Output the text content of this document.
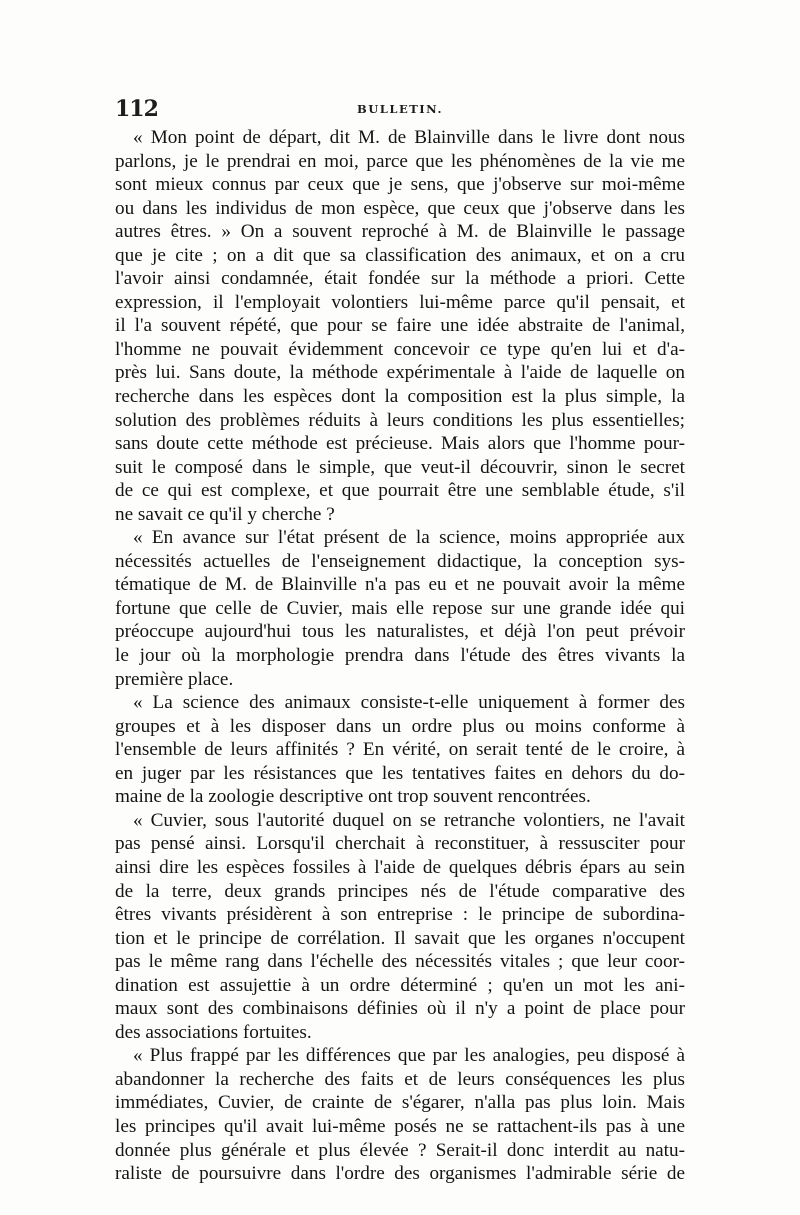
112	BULLETIN.
« Mon point de départ, dit M. de Blainville dans le livre dont nous
parlons, je le prendrai en moi, parce que les phénomènes de la vie me
sont mieux connus par ceux que je sens, que j'observe sur moi-même
ou dans les individus de mon espèce, que ceux que j'observe dans les
autres êtres. » On a souvent reproché à M. de Blainville le passage
que je cite ; on a dit que sa classification des animaux, et on a cru
l'avoir ainsi condamnée, était fondée sur la méthode a priori. Cette
expression, il l'employait volontiers lui-même parce qu'il pensait, et
il l'a souvent répété, que pour se faire une idée abstraite de l'animal,
l'homme ne pouvait évidemment concevoir ce type qu'en lui et d'a-
près lui. Sans doute, la méthode expérimentale à l'aide de laquelle on
recherche dans les espèces dont la composition est la plus simple, la
solution des problèmes réduits à leurs conditions les plus essentielles;
sans doute cette méthode est précieuse. Mais alors que l'homme pour-
suit le composé dans le simple, que veut-il découvrir, sinon le secret
de ce qui est complexe, et que pourrait être une semblable étude, s'il
ne savait ce qu'il y cherche ?
« En avance sur l'état présent de la science, moins appropriée aux
nécessités actuelles de l'enseignement didactique, la conception sys-
tématique de M. de Blainville n'a pas eu et ne pouvait avoir la même
fortune que celle de Cuvier, mais elle repose sur une grande idée qui
préoccupe aujourd'hui tous les naturalistes, et déjà l'on peut prévoir
le jour où la morphologie prendra dans l'étude des êtres vivants la
première place.
« La science des animaux consiste-t-elle uniquement à former des
groupes et à les disposer dans un ordre plus ou moins conforme à
l'ensemble de leurs affinités ? En vérité, on serait tenté de le croire, à
en juger par les résistances que les tentatives faites en dehors du do-
maine de la zoologie descriptive ont trop souvent rencontrées.
« Cuvier, sous l'autorité duquel on se retranche volontiers, ne l'avait
pas pensé ainsi. Lorsqu'il cherchait à reconstituer, à ressusciter pour
ainsi dire les espèces fossiles à l'aide de quelques débris épars au sein
de la terre, deux grands principes nés de l'étude comparative des
êtres vivants présidèrent à son entreprise : le principe de subordina-
tion et le principe de corrélation. Il savait que les organes n'occupent
pas le même rang dans l'échelle des nécessités vitales ; que leur coor-
dination est assujettie à un ordre déterminé ; qu'en un mot les ani-
maux sont des combinaisons définies où il n'y a point de place pour
des associations fortuites.
« Plus frappé par les différences que par les analogies, peu disposé à
abandonner la recherche des faits et de leurs conséquences les plus
immédiates, Cuvier, de crainte de s'égarer, n'alla pas plus loin. Mais
les principes qu'il avait lui-même posés ne se rattachent-ils pas à une
donnée plus générale et plus élevée ? Serait-il donc interdit au natu-
raliste de poursuivre dans l'ordre des organismes l'admirable série de
